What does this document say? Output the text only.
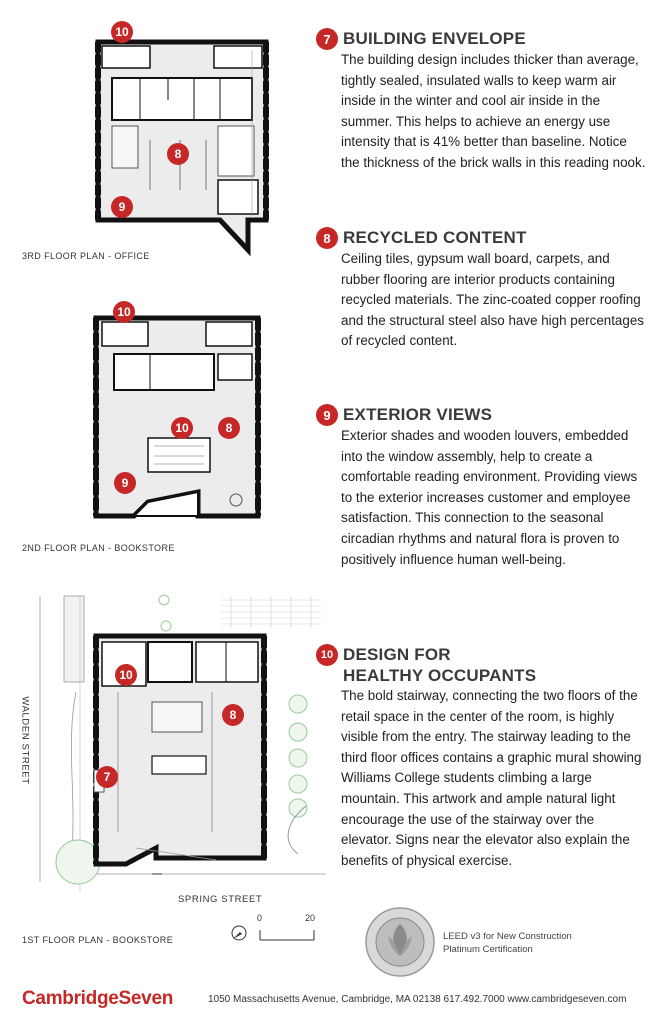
10
8
9
3RD FLOOR PLAN - OFFICE
10
10	8
9
2ND FLOOR PLAN - BOOKSTORE
10
8
7
WALDEN STREET
SPRING STREET
0	20
1ST FLOOR PLAN - BOOKSTORE
7 BUILDING ENVELOPE
The building design includes thicker than average, tightly sealed, insulated walls to keep warm air inside in the winter and cool air inside in the summer. This helps to achieve an energy use intensity that is 41% better than baseline. Notice the thickness of the brick walls in this reading nook.
8 RECYCLED CONTENT
Ceiling tiles, gypsum wall board, carpets, and rubber flooring are interior products containing recycled materials. The zinc-coated copper roofing and the structural steel also have high percentages of recycled content.
9 EXTERIOR VIEWS
Exterior shades and wooden louvers, embedded into the window assembly, help to create a comfortable reading environment. Providing views to the exterior increases customer and employee satisfaction. This connection to the seasonal circadian rhythms and natural flora is proven to positively influence human well-being.
10 DESIGN FOR
HEALTHY OCCUPANTS
The bold stairway, connecting the two floors of the retail space in the center of the room, is highly visible from the entry. The stairway leading to the third floor offices contains a graphic mural showing Williams College students climbing a large mountain. This artwork and ample natural light encourage the use of the stairway over the elevator. Signs near the elevator also explain the benefits of physical exercise.
LEED v3 for New Construction
Platinum Certification
CambridgeSeven	1050 Massachusetts Avenue, Cambridge, MA 02138 617.492.7000 www.cambridgeseven.com
